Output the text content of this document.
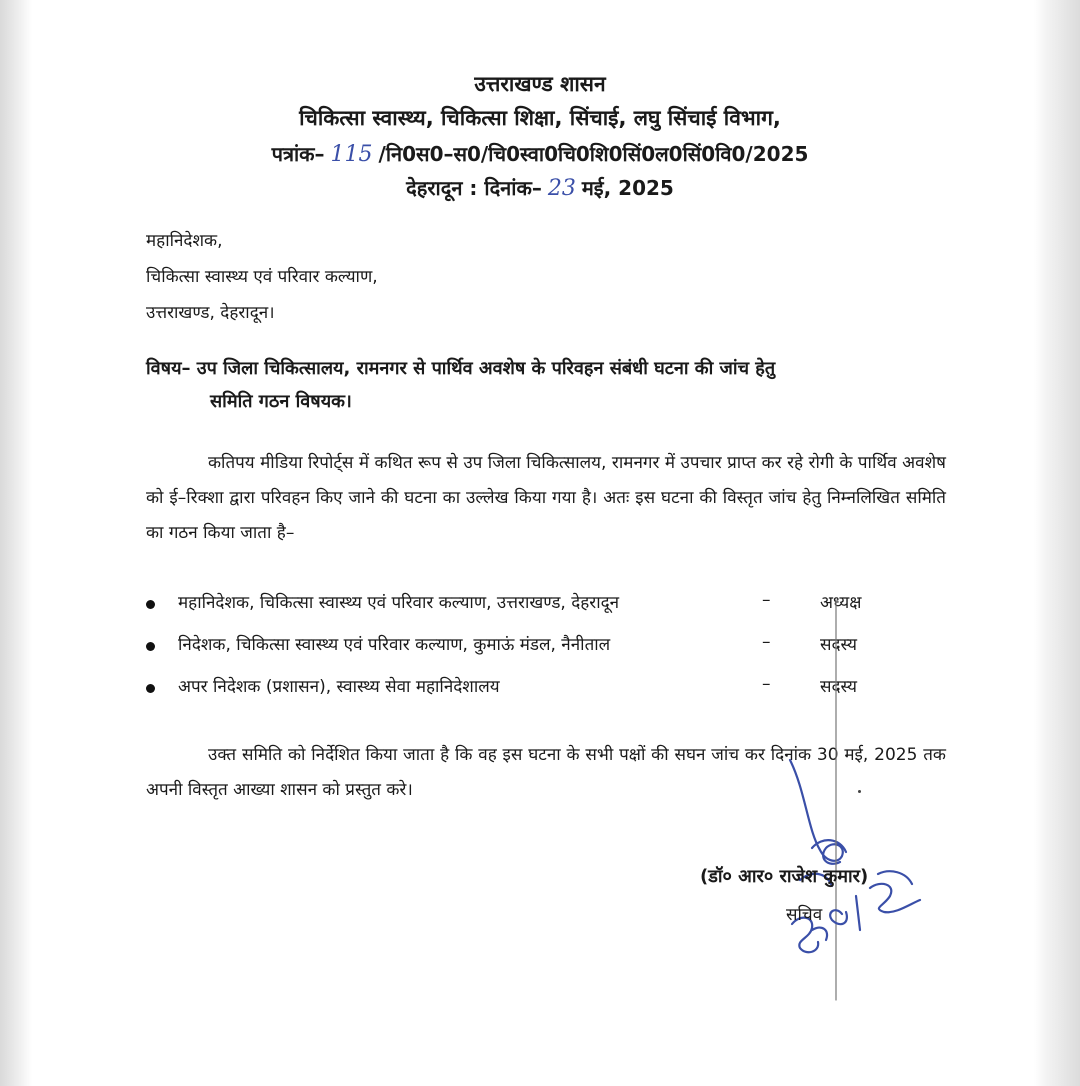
उत्तराखण्ड शासन
चिकित्सा स्वास्थ्य, चिकित्सा शिक्षा, सिंचाई, लघु सिंचाई विभाग,
पत्रांक– 115 /नि0स0–स0/चि0स्वा0चि0शि0सिं0ल0सिं0वि0/2025
देहरादून : दिनांक– 23 मई, 2025
महानिदेशक,
चिकित्सा स्वास्थ्य एवं परिवार कल्याण,
उत्तराखण्ड, देहरादून।
विषय– उप जिला चिकित्सालय, रामनगर से पार्थिव अवशेष के परिवहन संबंधी घटना की जांच हेतु
समिति गठन विषयक।
कतिपय मीडिया रिपोर्ट्स में कथित रूप से उप जिला चिकित्सालय, रामनगर में उपचार प्राप्त कर रहे रोगी के पार्थिव अवशेष को ई–रिक्शा द्वारा परिवहन किए जाने की घटना का उल्लेख किया गया है। अतः इस घटना की विस्तृत जांच हेतु निम्नलिखित समिति का गठन किया जाता है–
महानिदेशक, चिकित्सा स्वास्थ्य एवं परिवार कल्याण, उत्तराखण्ड, देहरादून	–	अध्यक्ष
निदेशक, चिकित्सा स्वास्थ्य एवं परिवार कल्याण, कुमाऊं मंडल, नैनीताल	–	सदस्य
अपर निदेशक (प्रशासन), स्वास्थ्य सेवा महानिदेशालय	–	सदस्य
उक्त समिति को निर्देशित किया जाता है कि वह इस घटना के सभी पक्षों की सघन जांच कर दिनांक 30 मई, 2025 तक अपनी विस्तृत आख्या शासन को प्रस्तुत करे।
(डॉ० आर० राजेश कुमार)
सचिव
